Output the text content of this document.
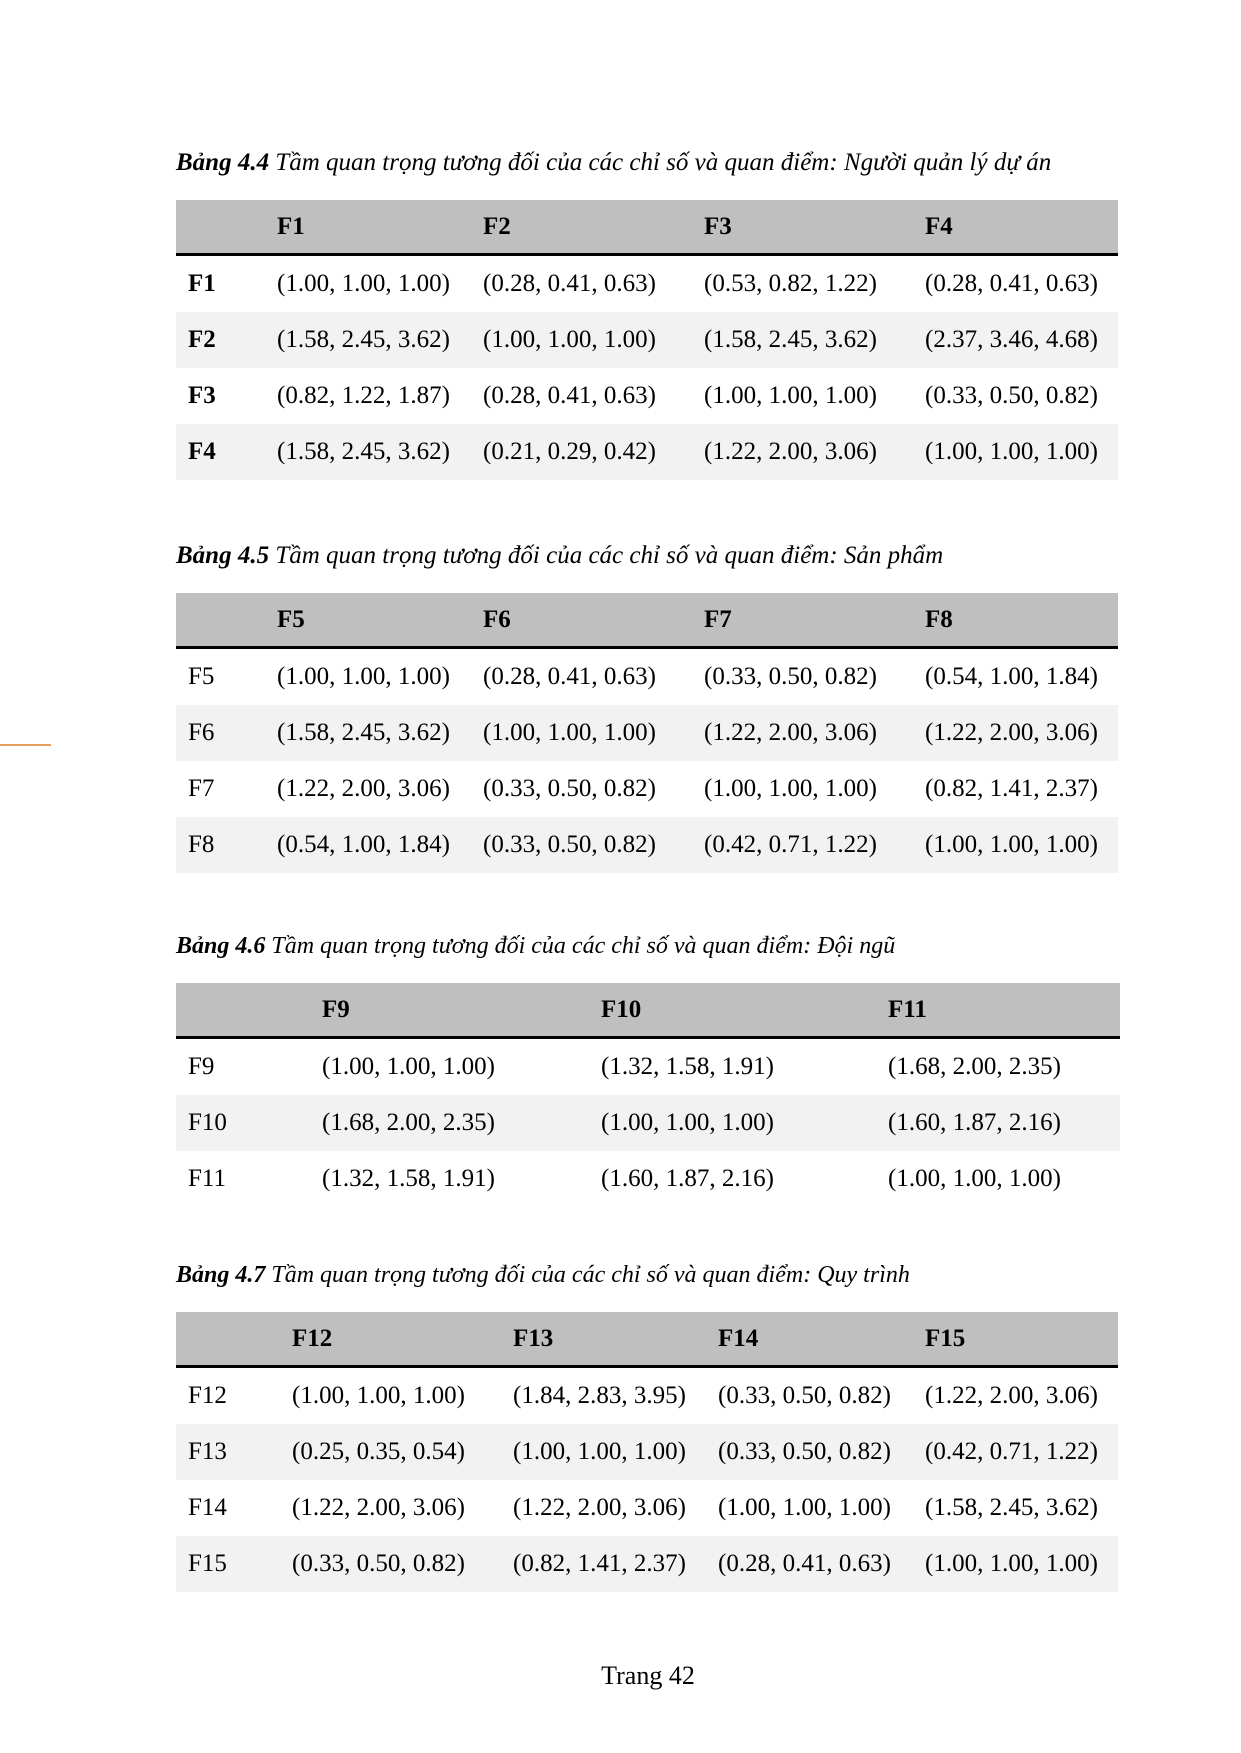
Bảng 4.4 Tầm quan trọng tương đối của các chỉ số và quan điểm: Người quản lý dự án
	F1	F2	F3	F4
F1	(1.00, 1.00, 1.00)	(0.28, 0.41, 0.63)	(0.53, 0.82, 1.22)	(0.28, 0.41, 0.63)
F2	(1.58, 2.45, 3.62)	(1.00, 1.00, 1.00)	(1.58, 2.45, 3.62)	(2.37, 3.46, 4.68)
F3	(0.82, 1.22, 1.87)	(0.28, 0.41, 0.63)	(1.00, 1.00, 1.00)	(0.33, 0.50, 0.82)
F4	(1.58, 2.45, 3.62)	(0.21, 0.29, 0.42)	(1.22, 2.00, 3.06)	(1.00, 1.00, 1.00)
Bảng 4.5 Tầm quan trọng tương đối của các chỉ số và quan điểm: Sản phẩm
	F5	F6	F7	F8
F5	(1.00, 1.00, 1.00)	(0.28, 0.41, 0.63)	(0.33, 0.50, 0.82)	(0.54, 1.00, 1.84)
F6	(1.58, 2.45, 3.62)	(1.00, 1.00, 1.00)	(1.22, 2.00, 3.06)	(1.22, 2.00, 3.06)
F7	(1.22, 2.00, 3.06)	(0.33, 0.50, 0.82)	(1.00, 1.00, 1.00)	(0.82, 1.41, 2.37)
F8	(0.54, 1.00, 1.84)	(0.33, 0.50, 0.82)	(0.42, 0.71, 1.22)	(1.00, 1.00, 1.00)
Bảng 4.6 Tầm quan trọng tương đối của các chỉ số và quan điểm: Đội ngũ
	F9	F10	F11
F9	(1.00, 1.00, 1.00)	(1.32, 1.58, 1.91)	(1.68, 2.00, 2.35)
F10	(1.68, 2.00, 2.35)	(1.00, 1.00, 1.00)	(1.60, 1.87, 2.16)
F11	(1.32, 1.58, 1.91)	(1.60, 1.87, 2.16)	(1.00, 1.00, 1.00)
Bảng 4.7 Tầm quan trọng tương đối của các chỉ số và quan điểm: Quy trình
	F12	F13	F14	F15
F12	(1.00, 1.00, 1.00)	(1.84, 2.83, 3.95)	(0.33, 0.50, 0.82)	(1.22, 2.00, 3.06)
F13	(0.25, 0.35, 0.54)	(1.00, 1.00, 1.00)	(0.33, 0.50, 0.82)	(0.42, 0.71, 1.22)
F14	(1.22, 2.00, 3.06)	(1.22, 2.00, 3.06)	(1.00, 1.00, 1.00)	(1.58, 2.45, 3.62)
F15	(0.33, 0.50, 0.82)	(0.82, 1.41, 2.37)	(0.28, 0.41, 0.63)	(1.00, 1.00, 1.00)
Trang 42
